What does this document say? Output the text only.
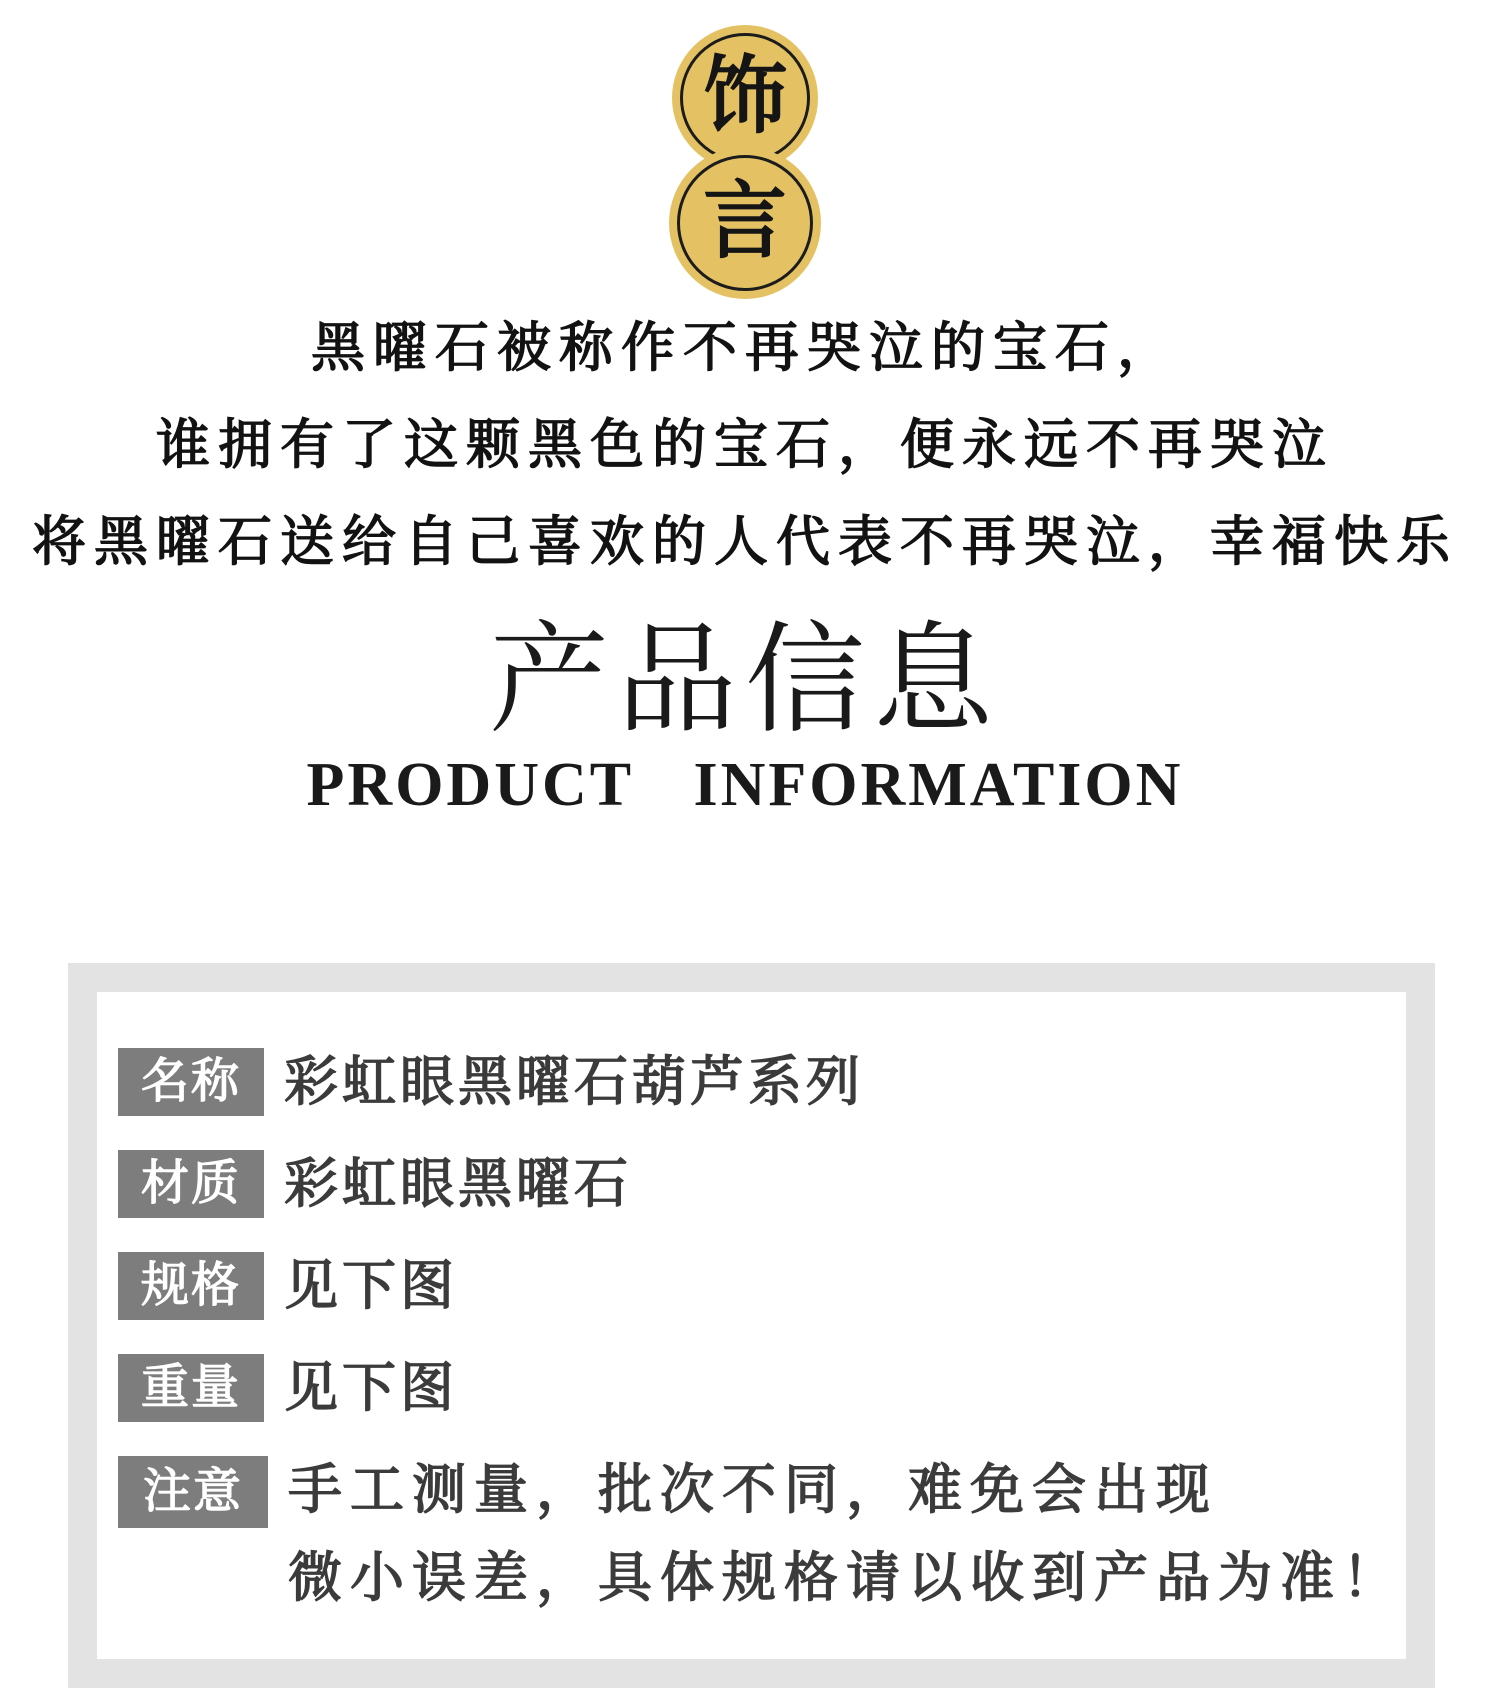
饰
言
黑曜石被称作不再哭泣的宝石，
谁拥有了这颗黑色的宝石，便永远不再哭泣
将黑曜石送给自己喜欢的人代表不再哭泣，幸福快乐
产品信息
PRODUCT INFORMATION
名称 彩虹眼黑曜石葫芦系列
材质 彩虹眼黑曜石
规格 见下图
重量 见下图
注意 手工测量，批次不同，难免会出现
微小误差，具体规格请以收到产品为准！
